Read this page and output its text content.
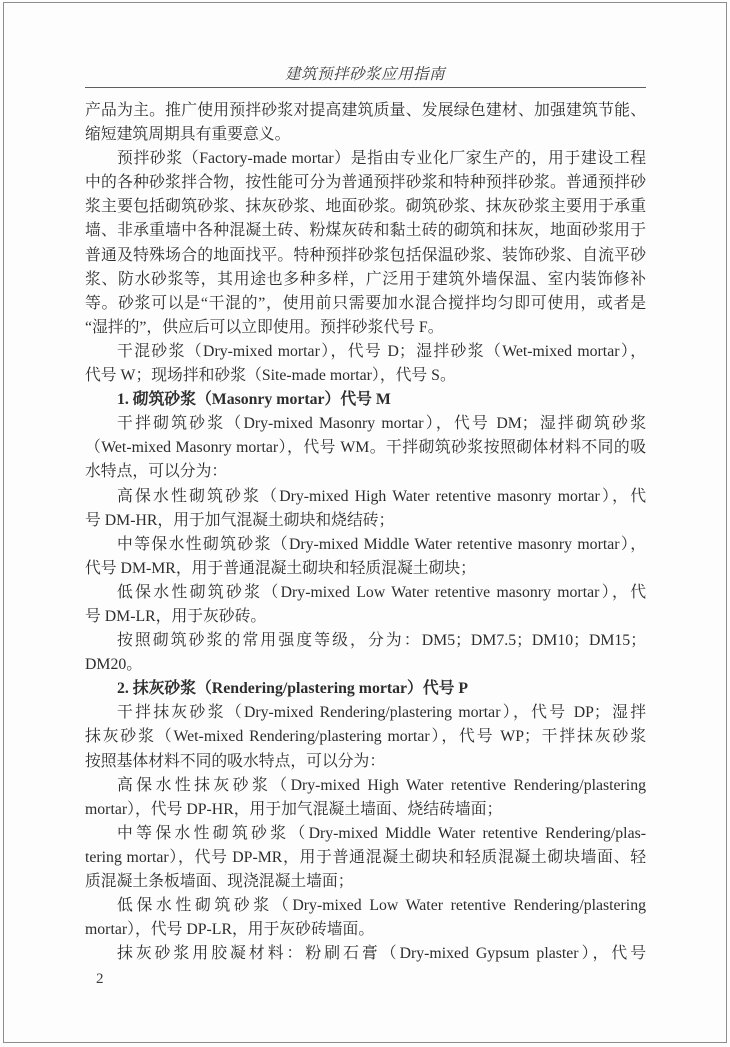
建筑预拌砂浆应用指南
产品为主。推广使用预拌砂浆对提高建筑质量、发展绿色建材、加强建筑节能、
缩短建筑周期具有重要意义。
预拌砂浆（Factory-made mortar）是指由专业化厂家生产的，用于建设工程
中的各种砂浆拌合物，按性能可分为普通预拌砂浆和特种预拌砂浆。普通预拌砂
浆主要包括砌筑砂浆、抹灰砂浆、地面砂浆。砌筑砂浆、抹灰砂浆主要用于承重
墙、非承重墙中各种混凝土砖、粉煤灰砖和黏土砖的砌筑和抹灰，地面砂浆用于
普通及特殊场合的地面找平。特种预拌砂浆包括保温砂浆、装饰砂浆、自流平砂
浆、防水砂浆等，其用途也多种多样，广泛用于建筑外墙保温、室内装饰修补
等。砂浆可以是“干混的”，使用前只需要加水混合搅拌均匀即可使用，或者是
“湿拌的”，供应后可以立即使用。预拌砂浆代号 F。
干混砂浆（Dry-mixed mortar），代号 D；湿拌砂浆（Wet-mixed mortar），
代号 W；现场拌和砂浆（Site-made mortar），代号 S。
1. 砌筑砂浆（Masonry mortar）代号 M
干拌砌筑砂浆（Dry-mixed Masonry mortar），代号 DM；湿拌砌筑砂浆
（Wet-mixed Masonry mortar），代号 WM。干拌砌筑砂浆按照砌体材料不同的吸
水特点，可以分为：
高保水性砌筑砂浆（Dry-mixed High Water retentive masonry mortar），代
号 DM-HR，用于加气混凝土砌块和烧结砖；
中等保水性砌筑砂浆（Dry-mixed Middle Water retentive masonry mortar），
代号 DM-MR，用于普通混凝土砌块和轻质混凝土砌块；
低保水性砌筑砂浆（Dry-mixed Low Water retentive masonry mortar），代
号 DM-LR，用于灰砂砖。
按照砌筑砂浆的常用强度等级，分为：DM5；DM7.5；DM10；DM15；
DM20。
2. 抹灰砂浆（Rendering/plastering mortar）代号 P
干拌抹灰砂浆（Dry-mixed Rendering/plastering mortar），代号 DP；湿拌
抹灰砂浆（Wet-mixed Rendering/plastering mortar），代号 WP；干拌抹灰砂浆
按照基体材料不同的吸水特点，可以分为：
高保水性抹灰砂浆（Dry-mixed High Water retentive Rendering/plastering
mortar），代号 DP-HR，用于加气混凝土墙面、烧结砖墙面；
中等保水性砌筑砂浆（Dry-mixed Middle Water retentive Rendering/plas-
tering mortar），代号 DP-MR，用于普通混凝土砌块和轻质混凝土砌块墙面、轻
质混凝土条板墙面、现浇混凝土墙面；
低保水性砌筑砂浆（Dry-mixed Low Water retentive Rendering/plastering
mortar），代号 DP-LR，用于灰砂砖墙面。
抹灰砂浆用胶凝材料：粉刷石膏（Dry-mixed Gypsum plaster），代号
2
